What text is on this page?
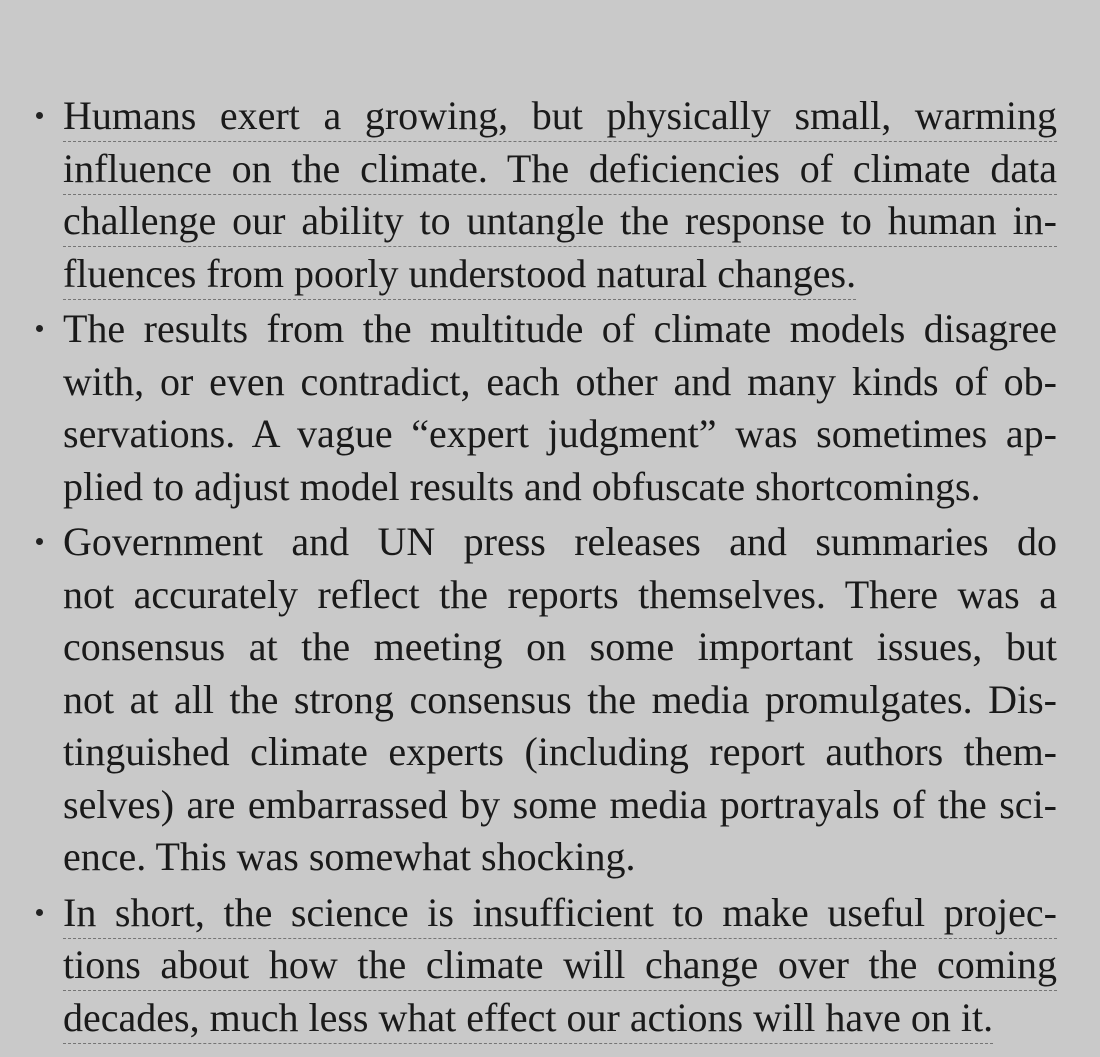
Humans exert a growing, but physically small, warming
influence on the climate. The deficiencies of climate data
challenge our ability to untangle the response to human in-
fluences from poorly understood natural changes.
The results from the multitude of climate models disagree
with, or even contradict, each other and many kinds of ob-
servations. A vague “expert judgment” was sometimes ap-
plied to adjust model results and obfuscate shortcomings.
Government and UN press releases and summaries do
not accurately reflect the reports themselves. There was a
consensus at the meeting on some important issues, but
not at all the strong consensus the media promulgates. Dis-
tinguished climate experts (including report authors them-
selves) are embarrassed by some media portrayals of the sci-
ence. This was somewhat shocking.
In short, the science is insufficient to make useful projec-
tions about how the climate will change over the coming
decades, much less what effect our actions will have on it.
